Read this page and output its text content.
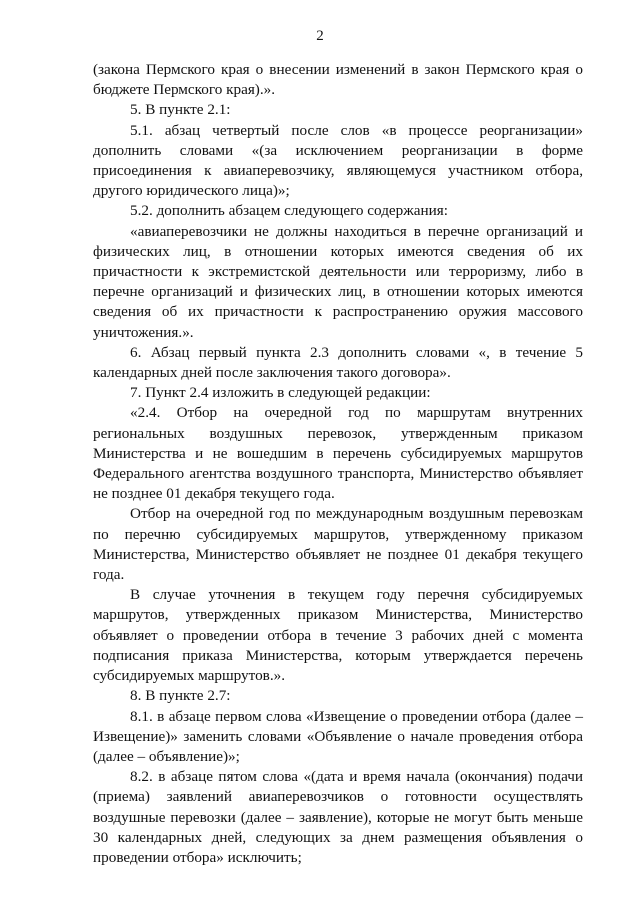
2

(закона Пермского края о внесении изменений в закон Пермского края о бюджете Пермского края).».

5. В пункте 2.1:

5.1. абзац четвертый после слов «в процессе реорганизации» дополнить словами «(за исключением реорганизации в форме присоединения к авиаперевозчику, являющемуся участником отбора, другого юридического лица)»;

5.2. дополнить абзацем следующего содержания:

«авиаперевозчики не должны находиться в перечне организаций и физических лиц, в отношении которых имеются сведения об их причастности к экстремистской деятельности или терроризму, либо в перечне организаций и физических лиц, в отношении которых имеются сведения об их причастности к распространению оружия массового уничтожения.».

6. Абзац первый пункта 2.3 дополнить словами «, в течение 5 календарных дней после заключения такого договора».

7. Пункт 2.4 изложить в следующей редакции:

«2.4. Отбор на очередной год по маршрутам внутренних региональных воздушных перевозок, утвержденным приказом Министерства и не вошедшим в перечень субсидируемых маршрутов Федерального агентства воздушного транспорта, Министерство объявляет не позднее 01 декабря текущего года.

Отбор на очередной год по международным воздушным перевозкам по перечню субсидируемых маршрутов, утвержденному приказом Министерства, Министерство объявляет не позднее 01 декабря текущего года.

В случае уточнения в текущем году перечня субсидируемых маршрутов, утвержденных приказом Министерства, Министерство объявляет о проведении отбора в течение 3 рабочих дней с момента подписания приказа Министерства, которым утверждается перечень субсидируемых маршрутов.».

8. В пункте 2.7:

8.1. в абзаце первом слова «Извещение о проведении отбора (далее – Извещение)» заменить словами «Объявление о начале проведения отбора (далее – объявление)»;

8.2. в абзаце пятом слова «(дата и время начала (окончания) подачи (приема) заявлений авиаперевозчиков о готовности осуществлять воздушные перевозки (далее – заявление), которые не могут быть меньше 30 календарных дней, следующих за днем размещения объявления о проведении отбора» исключить;
